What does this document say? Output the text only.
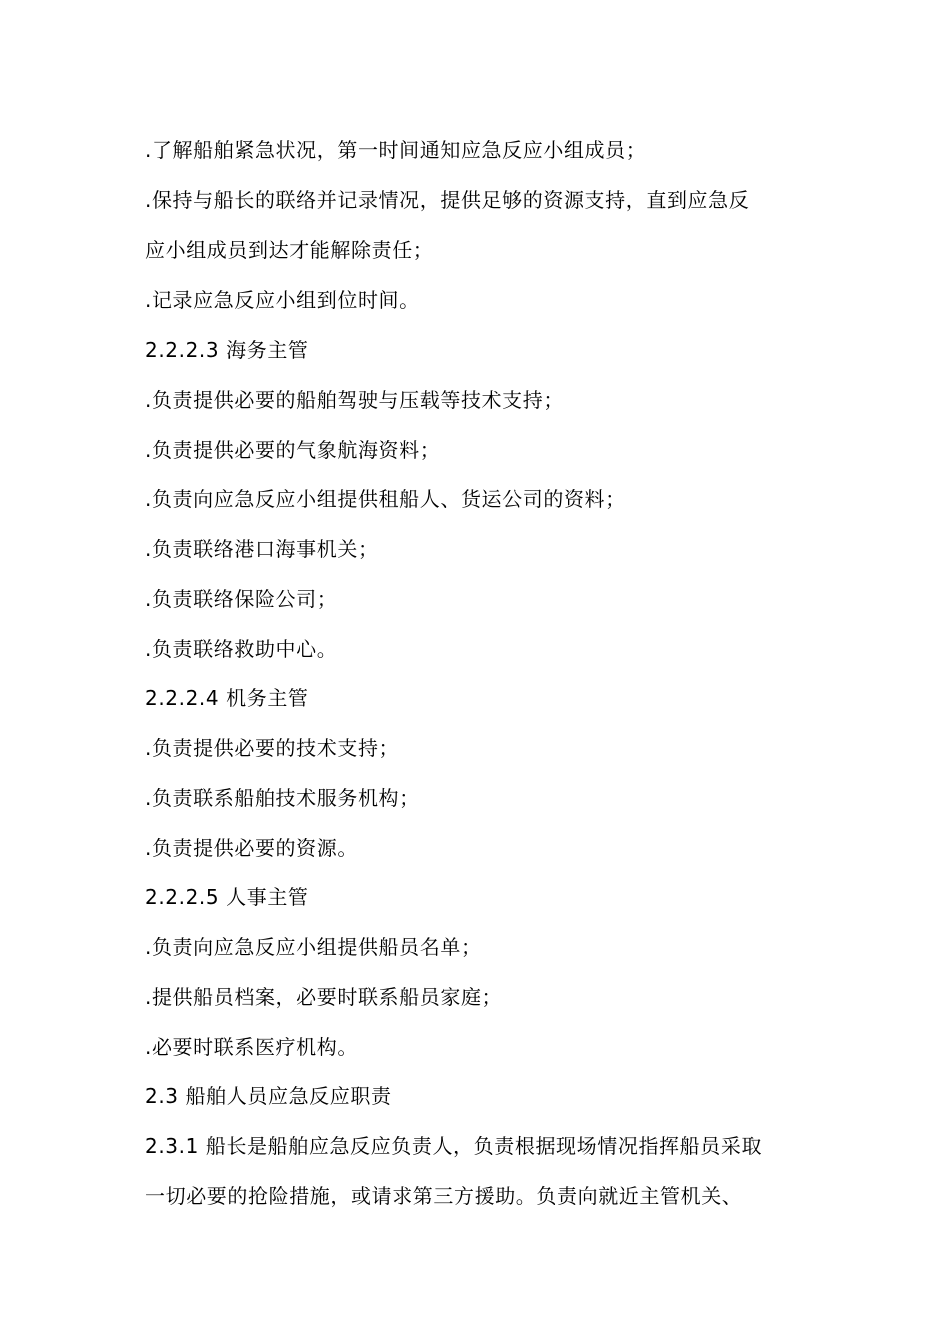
.了解船舶紧急状况，第一时间通知应急反应小组成员；

.保持与船长的联络并记录情况，提供足够的资源支持，直到应急反

应小组成员到达才能解除责任；

.记录应急反应小组到位时间。

2.2.2.3 海务主管

.负责提供必要的船舶驾驶与压载等技术支持；

.负责提供必要的气象航海资料；

.负责向应急反应小组提供租船人、货运公司的资料；

.负责联络港口海事机关；

.负责联络保险公司；

.负责联络救助中心。

2.2.2.4 机务主管

.负责提供必要的技术支持；

.负责联系船舶技术服务机构；

.负责提供必要的资源。

2.2.2.5 人事主管

.负责向应急反应小组提供船员名单；

.提供船员档案，必要时联系船员家庭；

.必要时联系医疗机构。

2.3 船舶人员应急反应职责

2.3.1 船长是船舶应急反应负责人，负责根据现场情况指挥船员采取

一切必要的抢险措施，或请求第三方援助。负责向就近主管机关、
